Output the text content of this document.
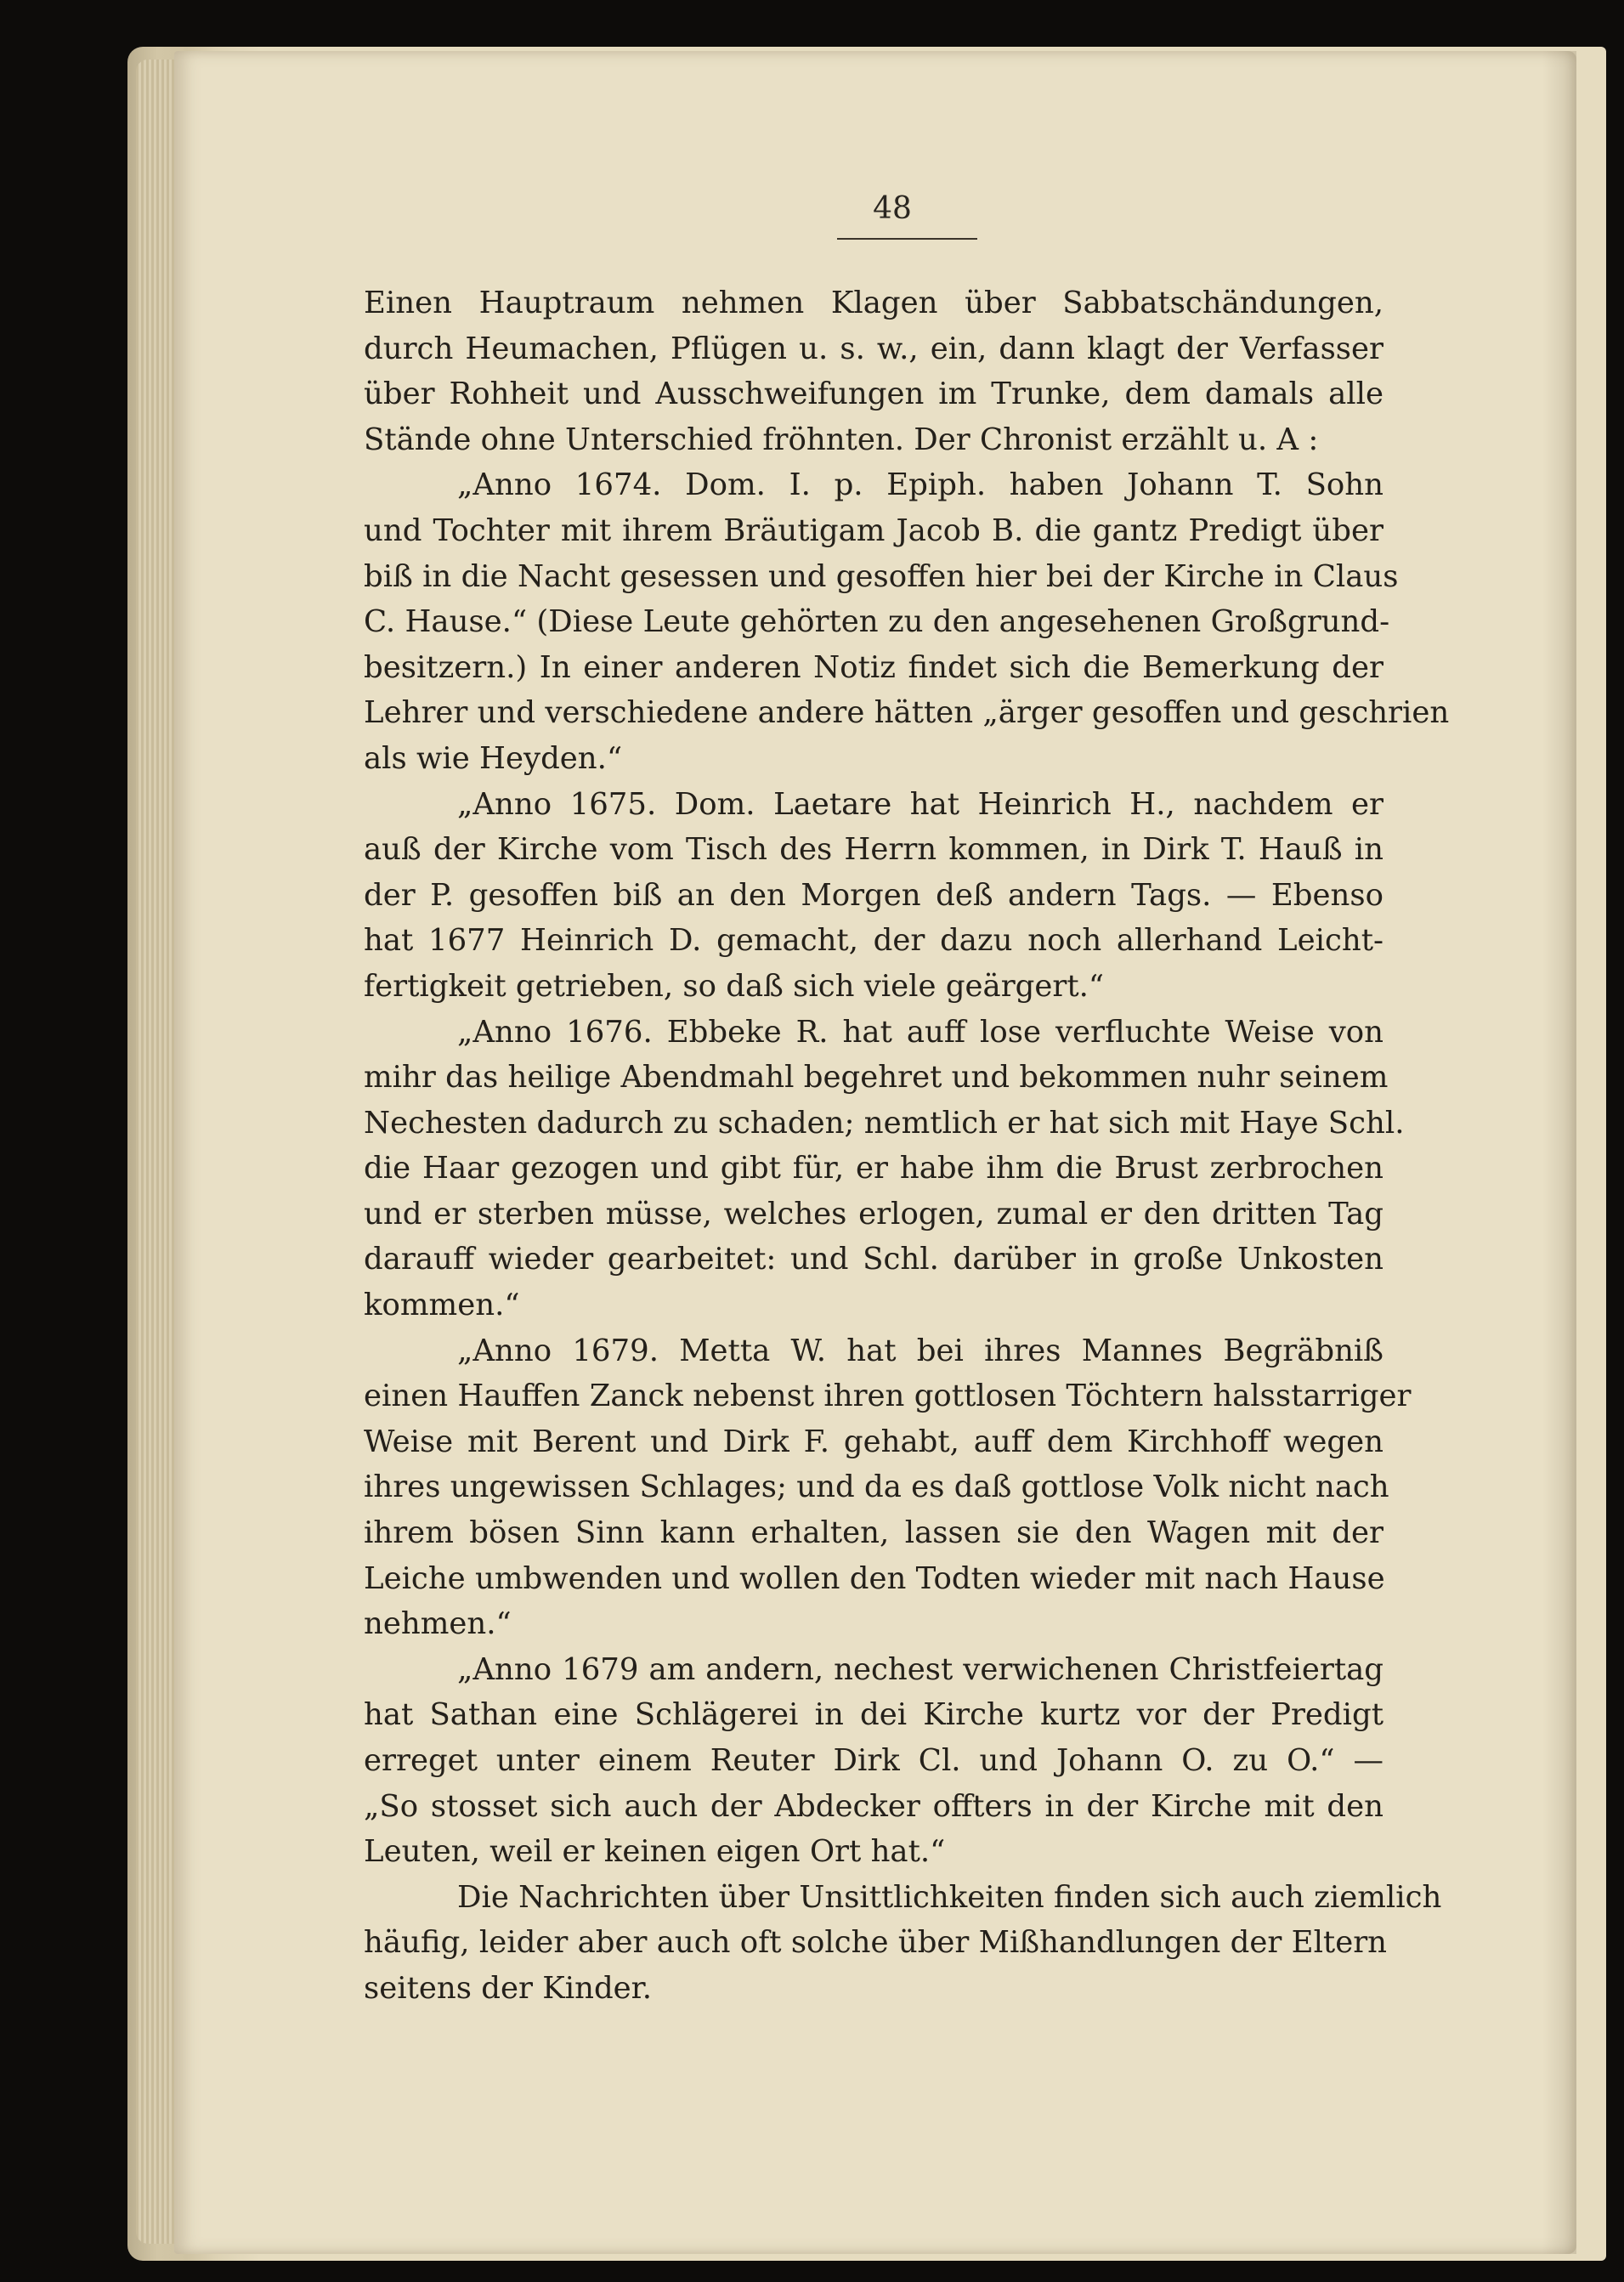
48

Einen Hauptraum nehmen Klagen über Sabbatschändungen,
durch Heumachen, Pflügen u. s. w., ein, dann klagt der Verfasser
über Rohheit und Ausschweifungen im Trunke, dem damals alle
Stände ohne Unterschied fröhnten. Der Chronist erzählt u. A :

„Anno 1674. Dom. I. p. Epiph. haben Johann T. Sohn
und Tochter mit ihrem Bräutigam Jacob B. die gantz Predigt über
biß in die Nacht gesessen und gesoffen hier bei der Kirche in Claus
C. Hause.“ (Diese Leute gehörten zu den angesehenen Großgrund-
besitzern.) In einer anderen Notiz findet sich die Bemerkung der
Lehrer und verschiedene andere hätten „ärger gesoffen und geschrien
als wie Heyden.“

„Anno 1675. Dom. Laetare hat Heinrich H., nachdem er
auß der Kirche vom Tisch des Herrn kommen, in Dirk T. Hauß in
der P. gesoffen biß an den Morgen deß andern Tags. — Ebenso
hat 1677 Heinrich D. gemacht, der dazu noch allerhand Leicht-
fertigkeit getrieben, so daß sich viele geärgert.“

„Anno 1676. Ebbeke R. hat auff lose verfluchte Weise von
mihr das heilige Abendmahl begehret und bekommen nuhr seinem
Nechesten dadurch zu schaden; nemtlich er hat sich mit Haye Schl.
die Haar gezogen und gibt für, er habe ihm die Brust zerbrochen
und er sterben müsse, welches erlogen, zumal er den dritten Tag
darauff wieder gearbeitet: und Schl. darüber in große Unkosten
kommen.“

„Anno 1679. Metta W. hat bei ihres Mannes Begräbniß
einen Hauffen Zanck nebenst ihren gottlosen Töchtern halsstarriger
Weise mit Berent und Dirk F. gehabt, auff dem Kirchhoff wegen
ihres ungewissen Schlages; und da es daß gottlose Volk nicht nach
ihrem bösen Sinn kann erhalten, lassen sie den Wagen mit der
Leiche umbwenden und wollen den Todten wieder mit nach Hause
nehmen.“

„Anno 1679 am andern, nechest verwichenen Christfeiertag
hat Sathan eine Schlägerei in dei Kirche kurtz vor der Predigt
erreget unter einem Reuter Dirk Cl. und Johann O. zu O.“ —
„So stosset sich auch der Abdecker offters in der Kirche mit den
Leuten, weil er keinen eigen Ort hat.“

Die Nachrichten über Unsittlichkeiten finden sich auch ziemlich
häufig, leider aber auch oft solche über Mißhandlungen der Eltern
seitens der Kinder.
